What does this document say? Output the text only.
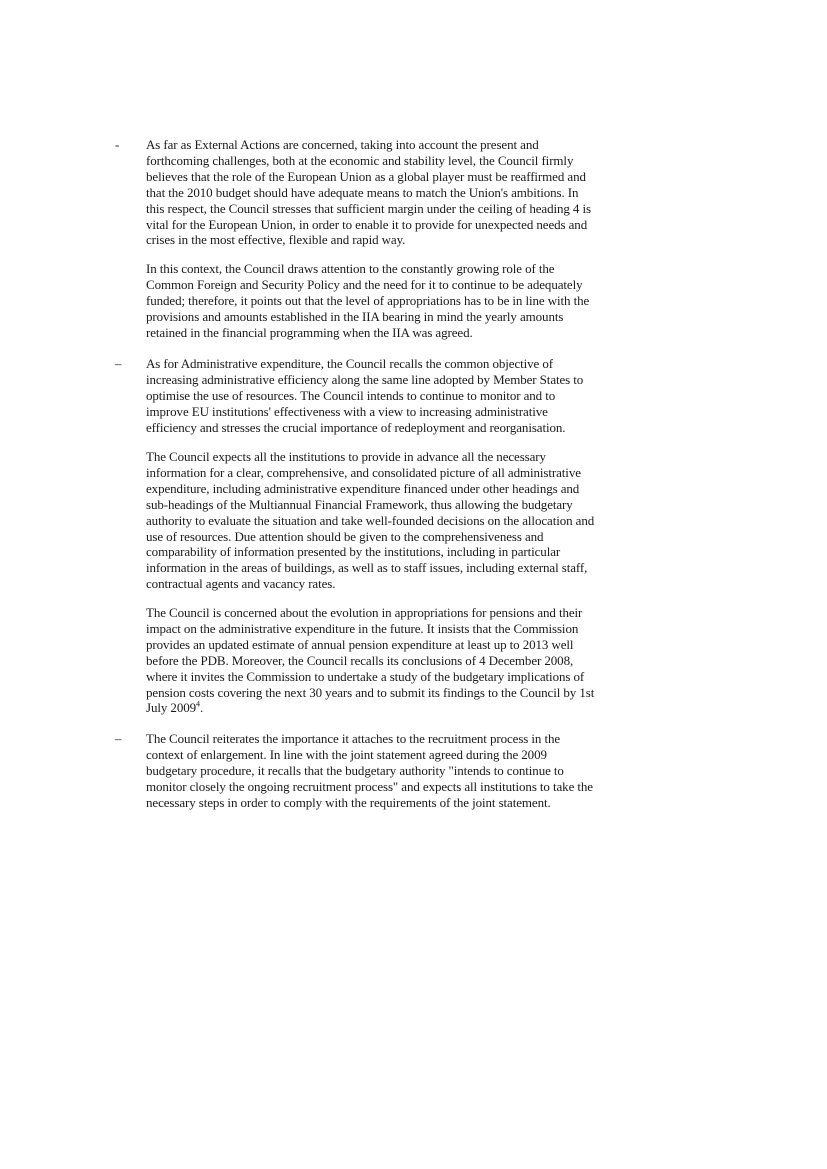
- As far as External Actions are concerned, taking into account the present and
forthcoming challenges, both at the economic and stability level, the Council firmly
believes that the role of the European Union as a global player must be reaffirmed and
that the 2010 budget should have adequate means to match the Union's ambitions. In
this respect, the Council stresses that sufficient margin under the ceiling of heading 4 is
vital for the European Union, in order to enable it to provide for unexpected needs and
crises in the most effective, flexible and rapid way.
In this context, the Council draws attention to the constantly growing role of the
Common Foreign and Security Policy and the need for it to continue to be adequately
funded; therefore, it points out that the level of appropriations has to be in line with the
provisions and amounts established in the IIA bearing in mind the yearly amounts
retained in the financial programming when the IIA was agreed.
– As for Administrative expenditure, the Council recalls the common objective of
increasing administrative efficiency along the same line adopted by Member States to
optimise the use of resources. The Council intends to continue to monitor and to
improve EU institutions' effectiveness with a view to increasing administrative
efficiency and stresses the crucial importance of redeployment and reorganisation.
The Council expects all the institutions to provide in advance all the necessary
information for a clear, comprehensive, and consolidated picture of all administrative
expenditure, including administrative expenditure financed under other headings and
sub-headings of the Multiannual Financial Framework, thus allowing the budgetary
authority to evaluate the situation and take well-founded decisions on the allocation and
use of resources. Due attention should be given to the comprehensiveness and
comparability of information presented by the institutions, including in particular
information in the areas of buildings, as well as to staff issues, including external staff,
contractual agents and vacancy rates.
The Council is concerned about the evolution in appropriations for pensions and their
impact on the administrative expenditure in the future. It insists that the Commission
provides an updated estimate of annual pension expenditure at least up to 2013 well
before the PDB. Moreover, the Council recalls its conclusions of 4 December 2008,
where it invites the Commission to undertake a study of the budgetary implications of
pension costs covering the next 30 years and to submit its findings to the Council by 1st
July 2009$^4$.
– The Council reiterates the importance it attaches to the recruitment process in the
context of enlargement. In line with the joint statement agreed during the 2009
budgetary procedure, it recalls that the budgetary authority "intends to continue to
monitor closely the ongoing recruitment process" and expects all institutions to take the
necessary steps in order to comply with the requirements of the joint statement.
